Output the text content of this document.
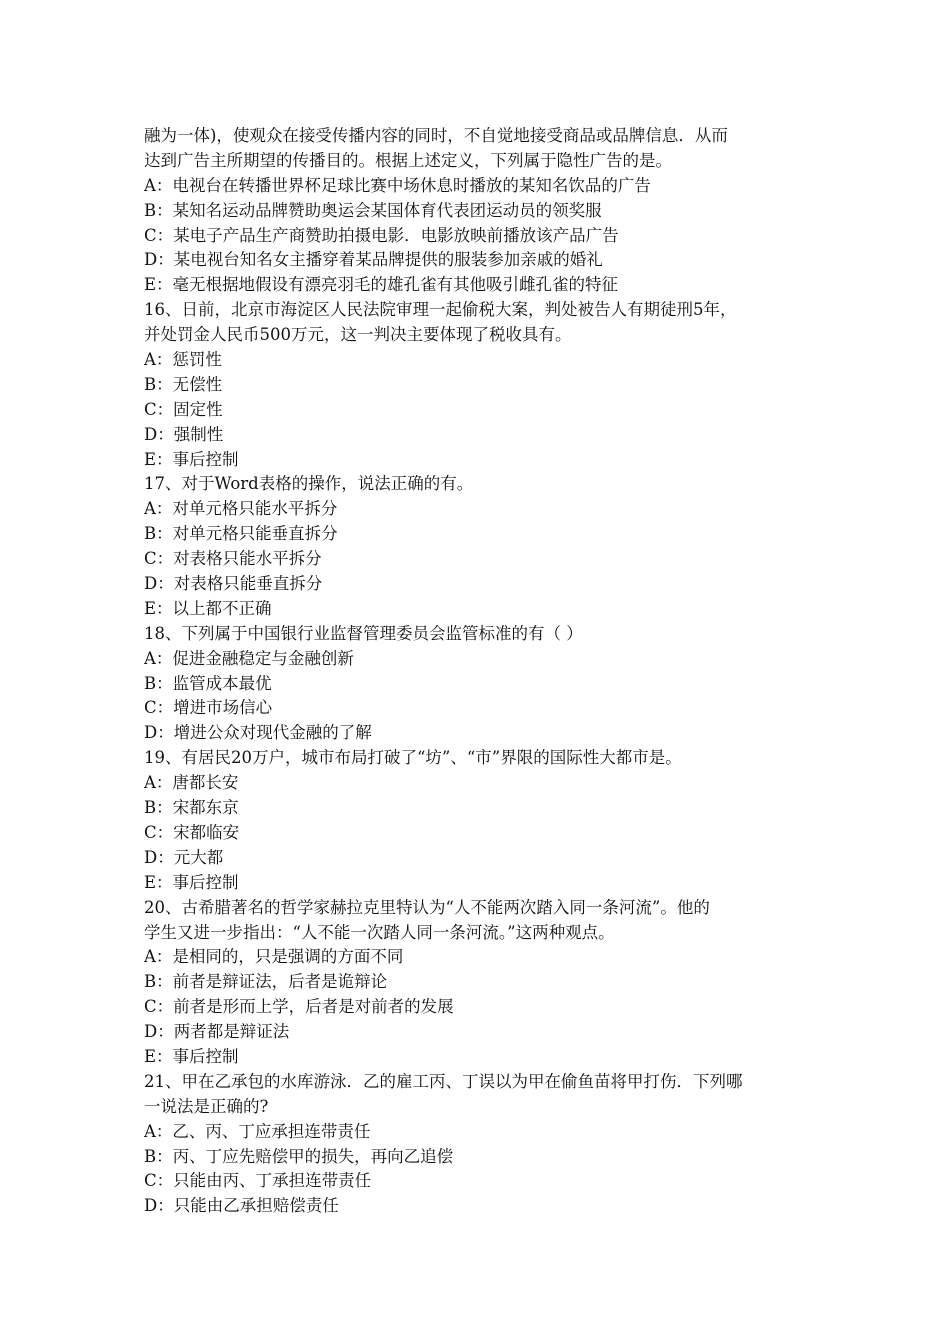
融为一体)，使观众在接受传播内容的同时，不自觉地接受商品或品牌信息．从而
达到广告主所期望的传播目的。根据上述定义，下列属于隐性广告的是。
A：电视台在转播世界杯足球比赛中场休息时播放的某知名饮品的广告
B：某知名运动品牌赞助奥运会某国体育代表团运动员的领奖服
C：某电子产品生产商赞助拍摄电影．电影放映前播放该产品广告
D：某电视台知名女主播穿着某品牌提供的服装参加亲戚的婚礼
E：毫无根据地假设有漂亮羽毛的雄孔雀有其他吸引雌孔雀的特征
16、日前，北京市海淀区人民法院审理一起偷税大案，判处被告人有期徒刑5年，
并处罚金人民币500万元，这一判决主要体现了税收具有。
A：惩罚性
B：无偿性
C：固定性
D：强制性
E：事后控制
17、对于Word表格的操作，说法正确的有。
A：对单元格只能水平拆分
B：对单元格只能垂直拆分
C：对表格只能水平拆分
D：对表格只能垂直拆分
E：以上都不正确
18、下列属于中国银行业监督管理委员会监管标准的有（ ）
A：促进金融稳定与金融创新
B：监管成本最优
C：增进市场信心
D：增进公众对现代金融的了解
19、有居民20万户，城市布局打破了“坊”、“市”界限的国际性大都市是。
A：唐都长安
B：宋都东京
C：宋都临安
D：元大都
E：事后控制
20、古希腊著名的哲学家赫拉克里特认为“人不能两次踏入同一条河流”。他的
学生又进一步指出：“人不能一次踏人同一条河流。”这两种观点。
A：是相同的，只是强调的方面不同
B：前者是辩证法，后者是诡辩论
C：前者是形而上学，后者是对前者的发展
D：两者都是辩证法
E：事后控制
21、甲在乙承包的水库游泳．乙的雇工丙、丁误以为甲在偷鱼苗将甲打伤．下列哪
一说法是正确的?
A：乙、丙、丁应承担连带责任
B：丙、丁应先赔偿甲的损失，再向乙追偿
C：只能由丙、丁承担连带责任
D：只能由乙承担赔偿责任
